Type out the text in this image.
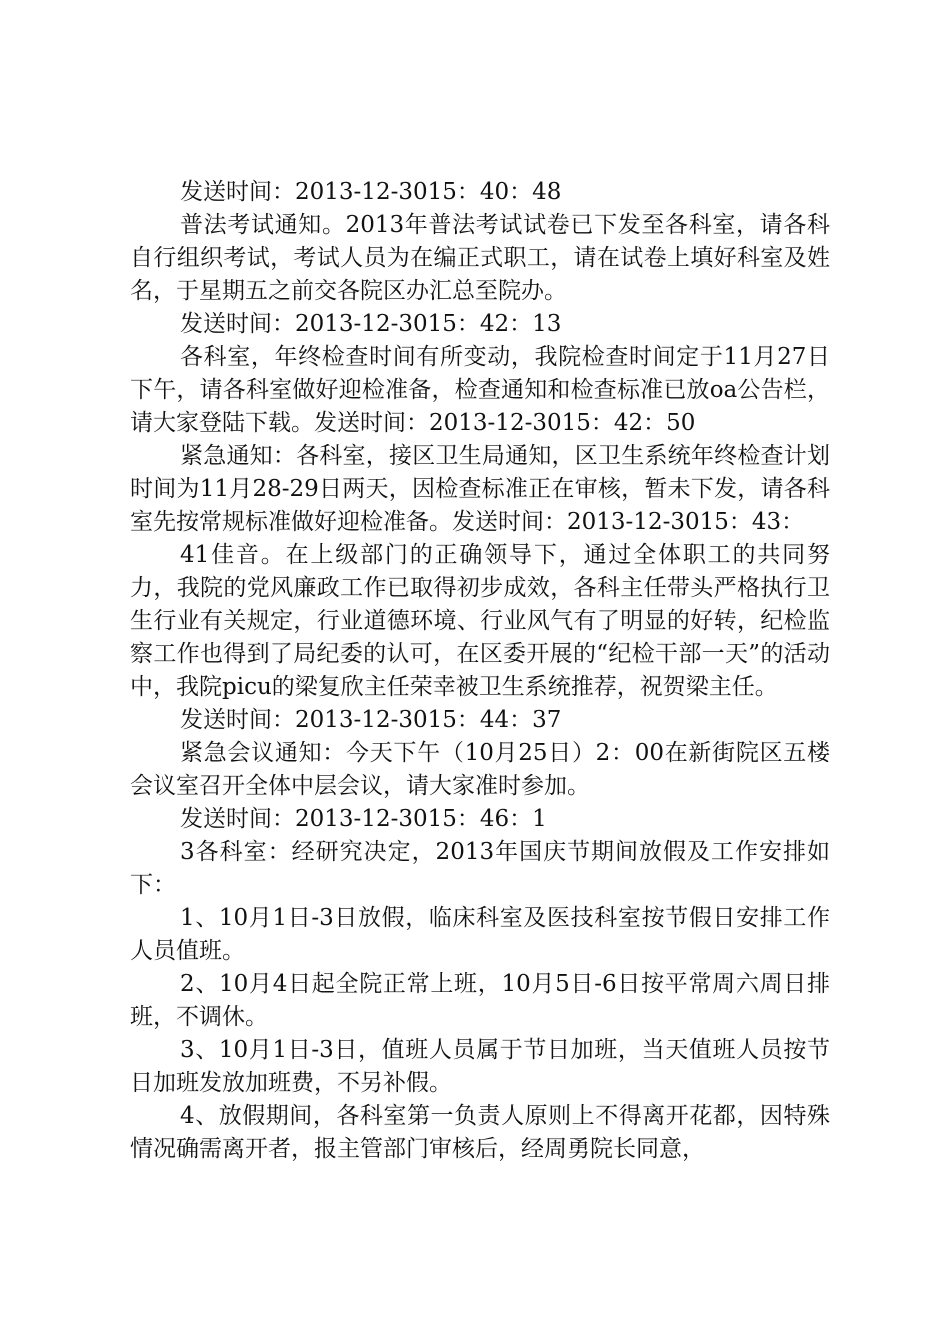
发送时间：2013-12-3015：40：48

普法考试通知。2013年普法考试试卷已下发至各科室，请各科自行组织考试，考试人员为在编正式职工，请在试卷上填好科室及姓名，于星期五之前交各院区办汇总至院办。

发送时间：2013-12-3015：42：13

各科室，年终检查时间有所变动，我院检查时间定于11月27日下午，请各科室做好迎检准备，检查通知和检查标准已放oa公告栏，请大家登陆下载。发送时间：2013-12-3015：42：50

紧急通知：各科室，接区卫生局通知，区卫生系统年终检查计划时间为11月28-29日两天，因检查标准正在审核，暂未下发，请各科室先按常规标准做好迎检准备。发送时间：2013-12-3015：43：

41佳音。在上级部门的正确领导下，通过全体职工的共同努力，我院的党风廉政工作已取得初步成效，各科主任带头严格执行卫生行业有关规定，行业道德环境、行业风气有了明显的好转，纪检监察工作也得到了局纪委的认可，在区委开展的“纪检干部一天”的活动中，我院picu的梁复欣主任荣幸被卫生系统推荐，祝贺梁主任。

发送时间：2013-12-3015：44：37

紧急会议通知：今天下午（10月25日）2：00在新街院区五楼会议室召开全体中层会议，请大家准时参加。

发送时间：2013-12-3015：46：1

3各科室：经研究决定，2013年国庆节期间放假及工作安排如下：

1、10月1日-3日放假，临床科室及医技科室按节假日安排工作人员值班。

2、10月4日起全院正常上班，10月5日-6日按平常周六周日排班，不调休。

3、10月1日-3日，值班人员属于节日加班，当天值班人员按节日加班发放加班费，不另补假。

4、放假期间，各科室第一负责人原则上不得离开花都，因特殊情况确需离开者，报主管部门审核后，经周勇院长同意，
